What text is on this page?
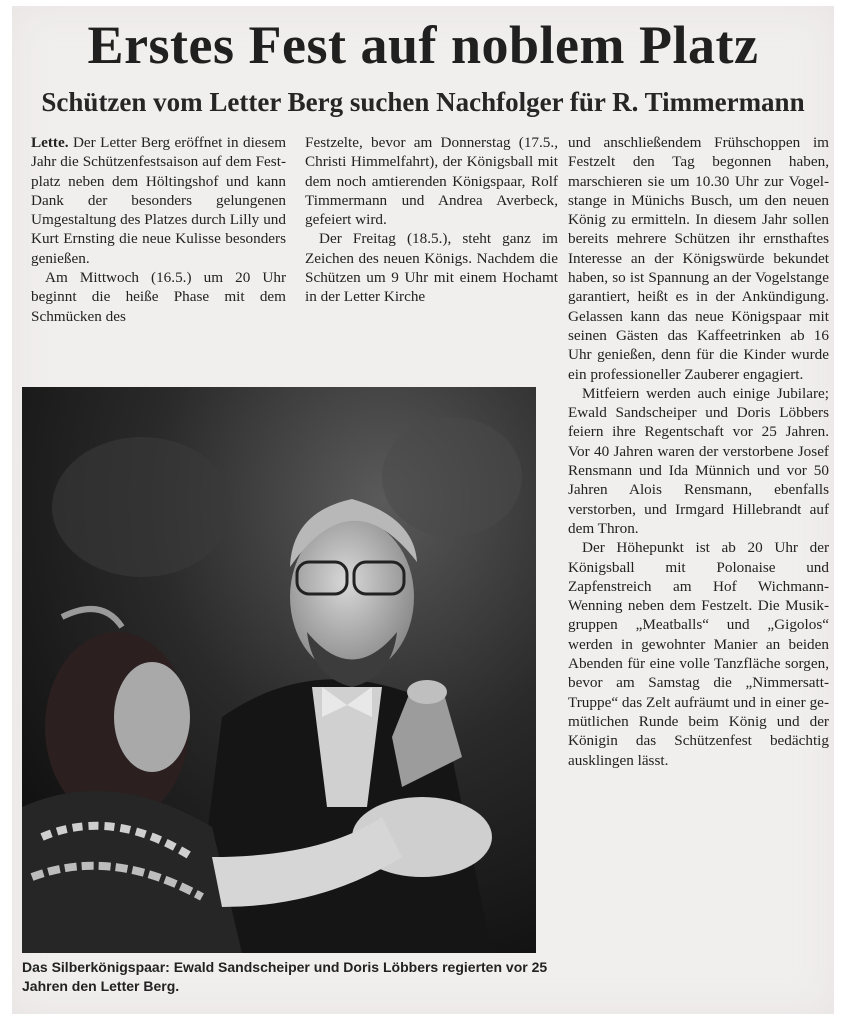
Erstes Fest auf noblem Platz
Schützen vom Letter Berg suchen Nachfolger für R. Timmermann

Lette. Der Letter Berg eröffnet in diesem Jahr die Schützenfestsaison auf dem Festplatz neben dem Höltingshof und kann Dank der besonders gelungenen Umgestaltung des Platzes durch Lilly und Kurt Ernsting die neue Kulisse besonders genießen.

Am Mittwoch (16.5.) um 20 Uhr beginnt die heiße Phase mit dem Schmücken des

Festzelte, bevor am Donnerstag (17.5., Christi Himmelfahrt), der Königsball mit dem noch amtierenden Königspaar, Rolf Timmermann und Andrea Averbeck, gefeiert wird.

Der Freitag (18.5.), steht ganz im Zeichen des neuen Königs. Nachdem die Schützen um 9 Uhr mit einem Hochamt in der Letter Kirche

und anschließendem Frühschoppen im Festzelt den Tag begonnen haben, marschieren sie um 10.30 Uhr zur Vogelstange in Münichs Busch, um den neuen König zu ermitteln. In diesem Jahr sollen bereits mehrere Schützen ihr ernsthaftes Interesse an der Königswürde bekundet haben, so ist Spannung an der Vogelstange garantiert, heißt es in der Ankündigung. Gelassen kann das neue Königspaar mit seinen Gästen das Kaffeetrinken ab 16 Uhr genießen, denn für die Kinder wurde ein professioneller Zauberer engagiert.

Mitfeiern werden auch einige Jubilare; Ewald Sandscheiper und Doris Löbbers feiern ihre Regentschaft vor 25 Jahren. Vor 40 Jahren waren der verstorbene Josef Rensmann und Ida Münnich und vor 50 Jahren Alois Rensmann, ebenfalls verstorben, und Irmgard Hillebrandt auf dem Thron.

Der Höhepunkt ist ab 20 Uhr der Königsball mit Polonaise und Zapfenstreich am Hof Wichmann-Wenning neben dem Festzelt. Die Musikgruppen „Meatballs“ und „Gigolos“ werden in gewohnter Manier an beiden Abenden für eine volle Tanzfläche sorgen, bevor am Samstag die „Nimmersatt-Truppe“ das Zelt aufräumt und in einer gemütlichen Runde beim König und der Königin das Schützenfest bedächtig ausklingen lässt.

Das Silberkönigspaar: Ewald Sandscheiper und Doris Löbbers regierten vor 25 Jahren den Letter Berg.
